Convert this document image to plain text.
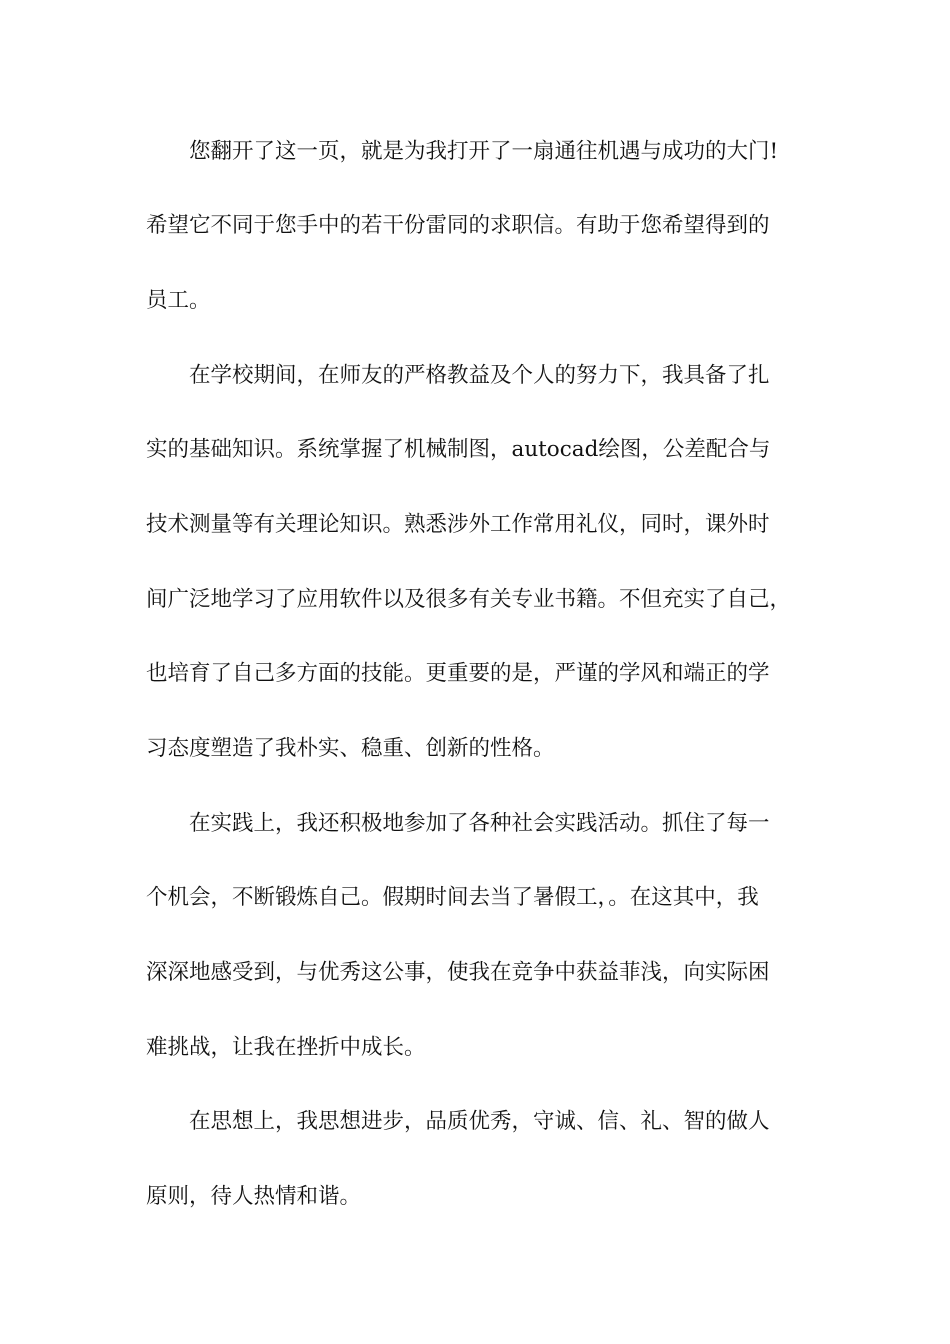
您翻开了这一页，就是为我打开了一扇通往机遇与成功的大门!
希望它不同于您手中的若干份雷同的求职信。有助于您希望得到的
员工。
在学校期间，在师友的严格教益及个人的努力下，我具备了扎
实的基础知识。系统掌握了机械制图，autocad绘图，公差配合与
技术测量等有关理论知识。熟悉涉外工作常用礼仪，同时，课外时
间广泛地学习了应用软件以及很多有关专业书籍。不但充实了自己，
也培育了自己多方面的技能。更重要的是，严谨的学风和端正的学
习态度塑造了我朴实、稳重、创新的性格。
在实践上，我还积极地参加了各种社会实践活动。抓住了每一
个机会，不断锻炼自己。假期时间去当了暑假工，。在这其中，我
深深地感受到，与优秀这公事，使我在竞争中获益菲浅，向实际困
难挑战，让我在挫折中成长。
在思想上，我思想进步，品质优秀，守诚、信、礼、智的做人
原则，待人热情和谐。
